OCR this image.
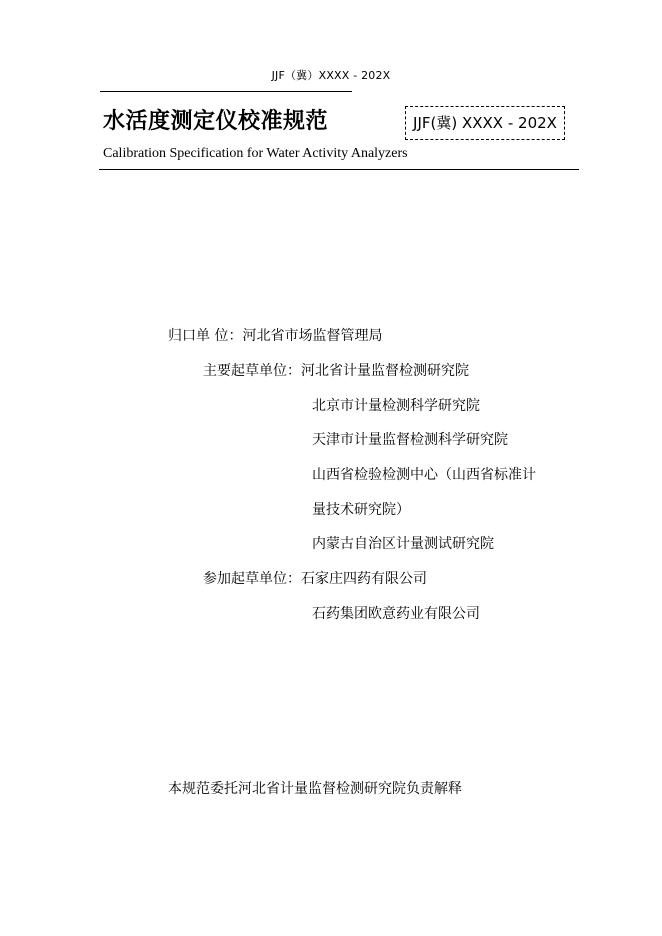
JJF（冀）XXXX - 202X
水活度测定仪校准规范	JJF(冀) XXXX - 202X
Calibration Specification for Water Activity Analyzers
归口单 位：河北省市场监督管理局
主要起草单位：河北省计量监督检测研究院
北京市计量检测科学研究院
天津市计量监督检测科学研究院
山西省检验检测中心（山西省标准计
量技术研究院）
内蒙古自治区计量测试研究院
参加起草单位：石家庄四药有限公司
石药集团欧意药业有限公司
本规范委托河北省计量监督检测研究院负责解释
